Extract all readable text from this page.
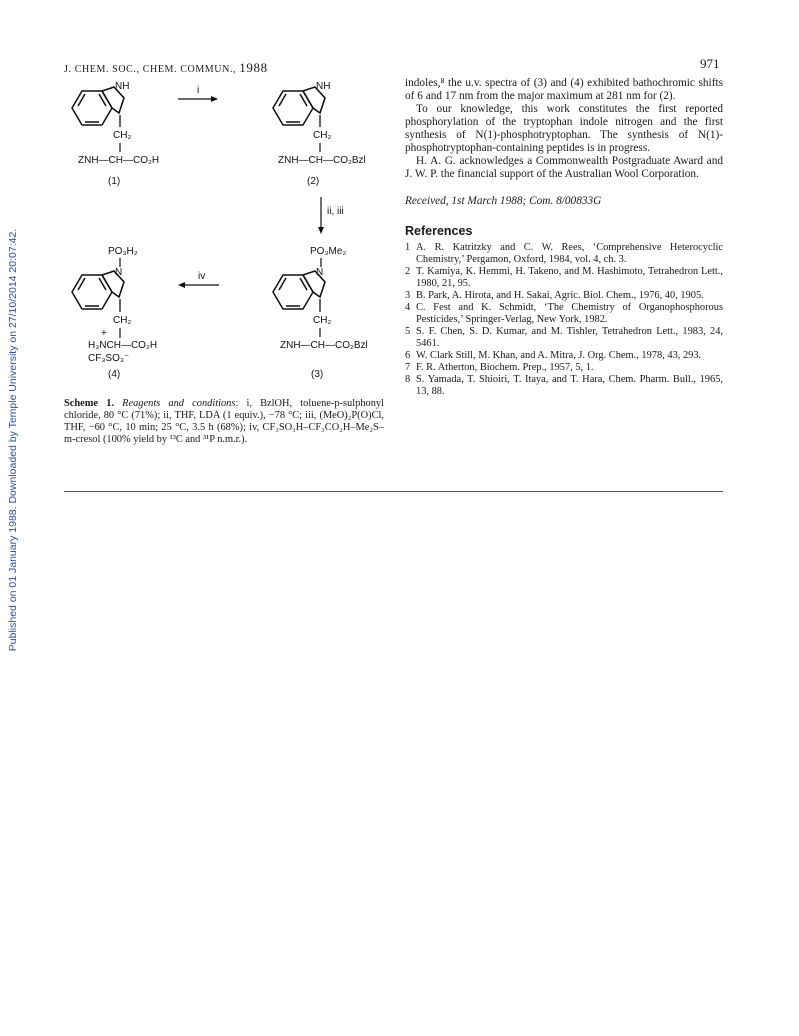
Published on 01 January 1988. Downloaded by Temple University on 27/10/2014 20:07:42.
J. CHEM. SOC., CHEM. COMMUN., 1988	971
NH
CH₂
ZNH—CH—CO₂H
(1)
i	NH
CH₂
ZNH—CH—CO₂Bzl
(2)
ii, iii
PO₃Me₂
N
CH₂
ZNH—CH—CO₂Bzl
(3)
iv
PO₃H₂
N
CH₂
+
H₃NCH—CO₂H
CF₃SO₃⁻
(4)

Scheme 1. Reagents and conditions: i, BzlOH, toluene-p-sulphonyl chloride, 80 °C (71%); ii, THF, LDA (1 equiv.), −78 °C; iii, (MeO)₂P(O)Cl, THF, −60 °C, 10 min; 25 °C, 3.5 h (68%); iv, CF₃SO₃H–CF₃CO₂H–Me₂S–m-cresol (100% yield by ¹³C and ³¹P n.m.r.).

indoles,⁸ the u.v. spectra of (3) and (4) exhibited bathochromic shifts of 6 and 17 nm from the major maximum at 281 nm for (2).

To our knowledge, this work constitutes the first reported phosphorylation of the tryptophan indole nitrogen and the first synthesis of N(1)-phosphotryptophan. The synthesis of N(1)-phosphotryptophan-containing peptides is in progress.

H. A. G. acknowledges a Commonwealth Postgraduate Award and J. W. P. the financial support of the Australian Wool Corporation.

Received, 1st March 1988; Com. 8/00833G
References
1 A. R. Katritzky and C. W. Rees, ‘Comprehensive Heterocyclic Chemistry,’ Pergamon, Oxford, 1984, vol. 4, ch. 3.
2 T. Kamiya, K. Hemmi, H. Takeno, and M. Hashimoto, Tetrahedron Lett., 1980, 21, 95.
3 B. Park, A. Hirota, and H. Sakai, Agric. Biol. Chem., 1976, 40, 1905.
4 C. Fest and K. Schmidt, ‘The Chemistry of Organophosphorous Pesticides,’ Springer-Verlag, New York, 1982.
5 S. F. Chen, S. D. Kumar, and M. Tishler, Tetrahedron Lett., 1983, 24, 5461.
6 W. Clark Still, M. Khan, and A. Mitra, J. Org. Chem., 1978, 43, 293.
7 F. R. Atherton, Biochem. Prep., 1957, 5, 1.
8 S. Yamada, T. Shioiri, T. Itaya, and T. Hara, Chem. Pharm. Bull., 1965, 13, 88.
